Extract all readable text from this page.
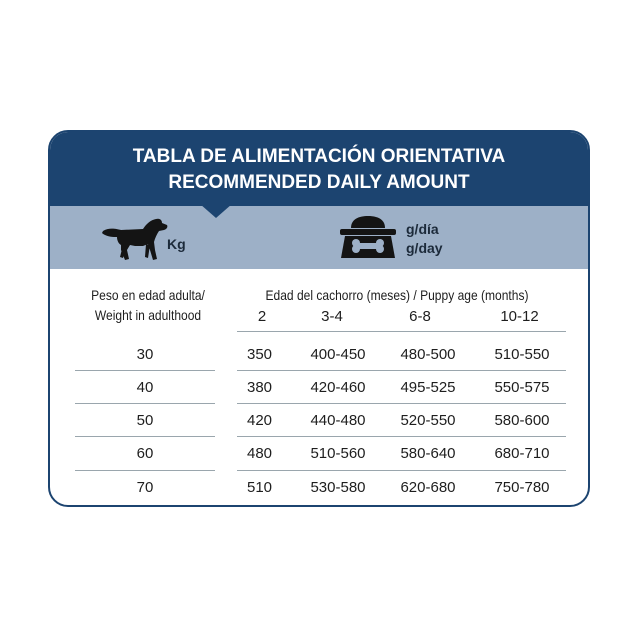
TABLA DE ALIMENTACIÓN ORIENTATIVA
RECOMMENDED DAILY AMOUNT
Kg
g/día
g/day
Peso en edad adulta/
Weight in adulthood
Edad del cachorro (meses) / Puppy age (months)
2	3-4	6-8	10-12
30	350	400-450	480-500	510-550
40	380	420-460	495-525	550-575
50	420	440-480	520-550	580-600
60	480	510-560	580-640	680-710
70	510	530-580	620-680	750-780
